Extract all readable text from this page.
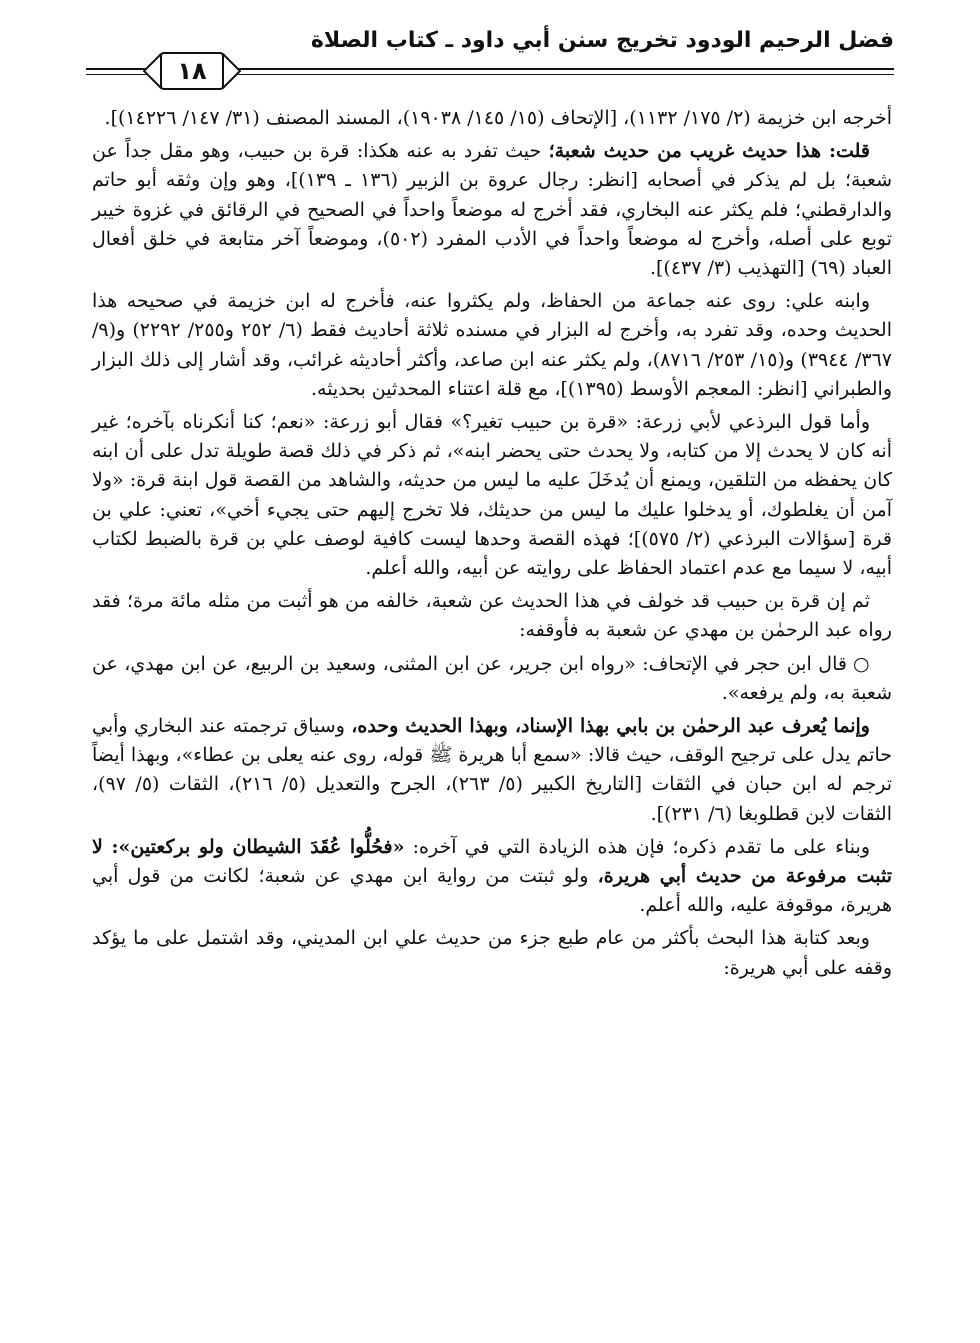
فضل الرحيم الودود تخريج سنن أبي داود ـ كتاب الصلاة
١٨

أخرجه ابن خزيمة (٢/ ١٧٥/ ١١٣٢)، [الإتحاف (١٥/ ١٤٥/ ١٩٠٣٨)، المسند المصنف (٣١/ ١٤٧/ ١٤٢٢٦)].

قلت: هذا حديث غريب من حديث شعبة؛ حيث تفرد به عنه هكذا: قرة بن حبيب، وهو مقل جداً عن شعبة؛ بل لم يذكر في أصحابه [انظر: رجال عروة بن الزبير (١٣٦ ـ ١٣٩)]، وهو وإن وثقه أبو حاتم والدارقطني؛ فلم يكثر عنه البخاري، فقد أخرج له موضعاً واحداً في الصحيح في الرقائق في غزوة خيبر توبع على أصله، وأخرج له موضعاً واحداً في الأدب المفرد (٥٠٢)، وموضعاً آخر متابعة في خلق أفعال العباد (٦٩) [التهذيب (٣/ ٤٣٧)].

وابنه علي: روى عنه جماعة من الحفاظ، ولم يكثروا عنه، فأخرج له ابن خزيمة في صحيحه هذا الحديث وحده، وقد تفرد به، وأخرج له البزار في مسنده ثلاثة أحاديث فقط (٦/ ٢٥٢ و٢٥٥/ ٢٢٩٢) و(٩/ ٣٦٧/ ٣٩٤٤) و(١٥/ ٢٥٣/ ٨٧١٦)، ولم يكثر عنه ابن صاعد، وأكثر أحاديثه غرائب، وقد أشار إلى ذلك البزار والطبراني [انظر: المعجم الأوسط (١٣٩٥)]، مع قلة اعتناء المحدثين بحديثه.

وأما قول البرذعي لأبي زرعة: «قرة بن حبيب تغير؟» فقال أبو زرعة: «نعم؛ كنا أنكرناه بآخره؛ غير أنه كان لا يحدث إلا من كتابه، ولا يحدث حتى يحضر ابنه»، ثم ذكر في ذلك قصة طويلة تدل على أن ابنه كان يحفظه من التلقين، ويمنع أن يُدخَلَ عليه ما ليس من حديثه، والشاهد من القصة قول ابنة قرة: «ولا آمن أن يغلطوك، أو يدخلوا عليك ما ليس من حديثك، فلا تخرج إليهم حتى يجيء أخي»، تعني: علي بن قرة [سؤالات البرذعي (٢/ ٥٧٥)]؛ فهذه القصة وحدها ليست كافية لوصف علي بن قرة بالضبط لكتاب أبيه، لا سيما مع عدم اعتماد الحفاظ على روايته عن أبيه، والله أعلم.

ثم إن قرة بن حبيب قد خولف في هذا الحديث عن شعبة، خالفه من هو أثبت من مثله مائة مرة؛ فقد رواه عبد الرحمٰن بن مهدي عن شعبة به فأوقفه:

○قال ابن حجر في الإتحاف: «رواه ابن جرير، عن ابن المثنى، وسعيد بن الربيع، عن ابن مهدي، عن شعبة به، ولم يرفعه».

وإنما يُعرف عبد الرحمٰن بن بابي بهذا الإسناد، وبهذا الحديث وحده، وسياق ترجمته عند البخاري وأبي حاتم يدل على ترجيح الوقف، حيث قالا: «سمع أبا هريرة ﷺ قوله، روى عنه يعلى بن عطاء»، وبهذا أيضاً ترجم له ابن حبان في الثقات [التاريخ الكبير (٥/ ٢٦٣)، الجرح والتعديل (٥/ ٢١٦)، الثقات (٥/ ٩٧)، الثقات لابن قطلوبغا (٦/ ٢٣١)].

وبناء على ما تقدم ذكره؛ فإن هذه الزيادة التي في آخره: «فحُلُّوا عُقَدَ الشيطان ولو بركعتين»: لا تثبت مرفوعة من حديث أبي هريرة، ولو ثبتت من رواية ابن مهدي عن شعبة؛ لكانت من قول أبي هريرة، موقوفة عليه، والله أعلم.

وبعد كتابة هذا البحث بأكثر من عام طبع جزء من حديث علي ابن المديني، وقد اشتمل على ما يؤكد وقفه على أبي هريرة:
